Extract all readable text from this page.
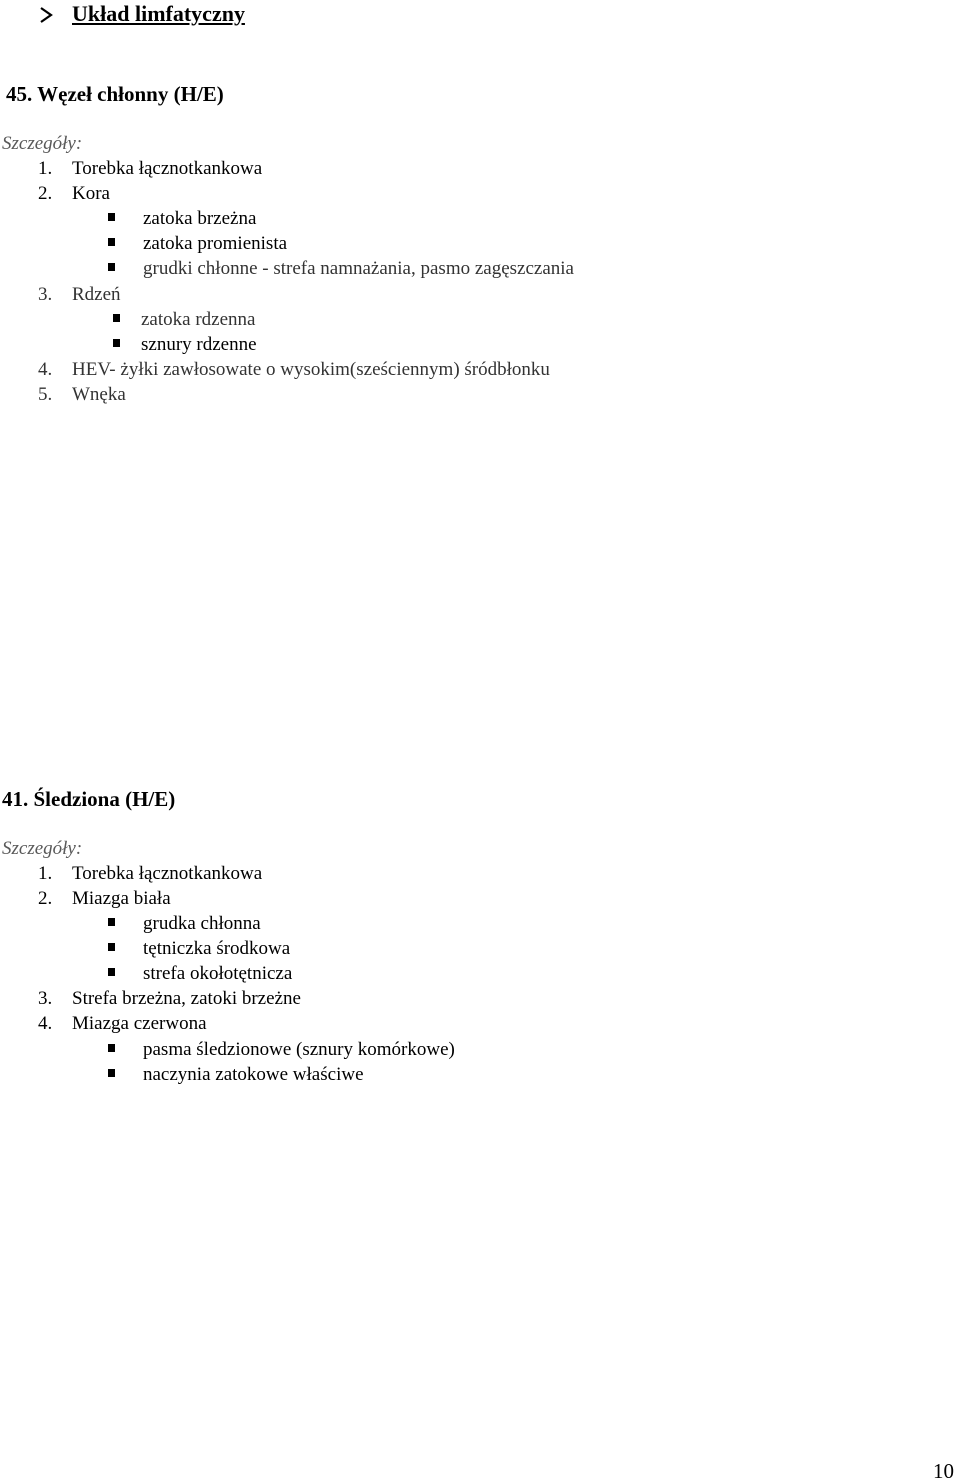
Układ limfatyczny
45. Węzeł chłonny (H/E)
Szczegóły:
1. Torebka łącznotkankowa
2. Kora
zatoka brzeżna
zatoka promienista
grudki chłonne - strefa namnażania, pasmo zagęszczania
3. Rdzeń
zatoka rdzenna
sznury rdzenne
4. HEV- żyłki zawłosowate o wysokim(sześciennym) śródbłonku
5. Wnęka
41. Śledziona (H/E)
Szczegóły:
1. Torebka łącznotkankowa
2. Miazga biała
grudka chłonna
tętniczka środkowa
strefa okołotętnicza
3. Strefa brzeżna, zatoki brzeżne
4. Miazga czerwona
pasma śledzionowe (sznury komórkowe)
naczynia zatokowe właściwe
10
